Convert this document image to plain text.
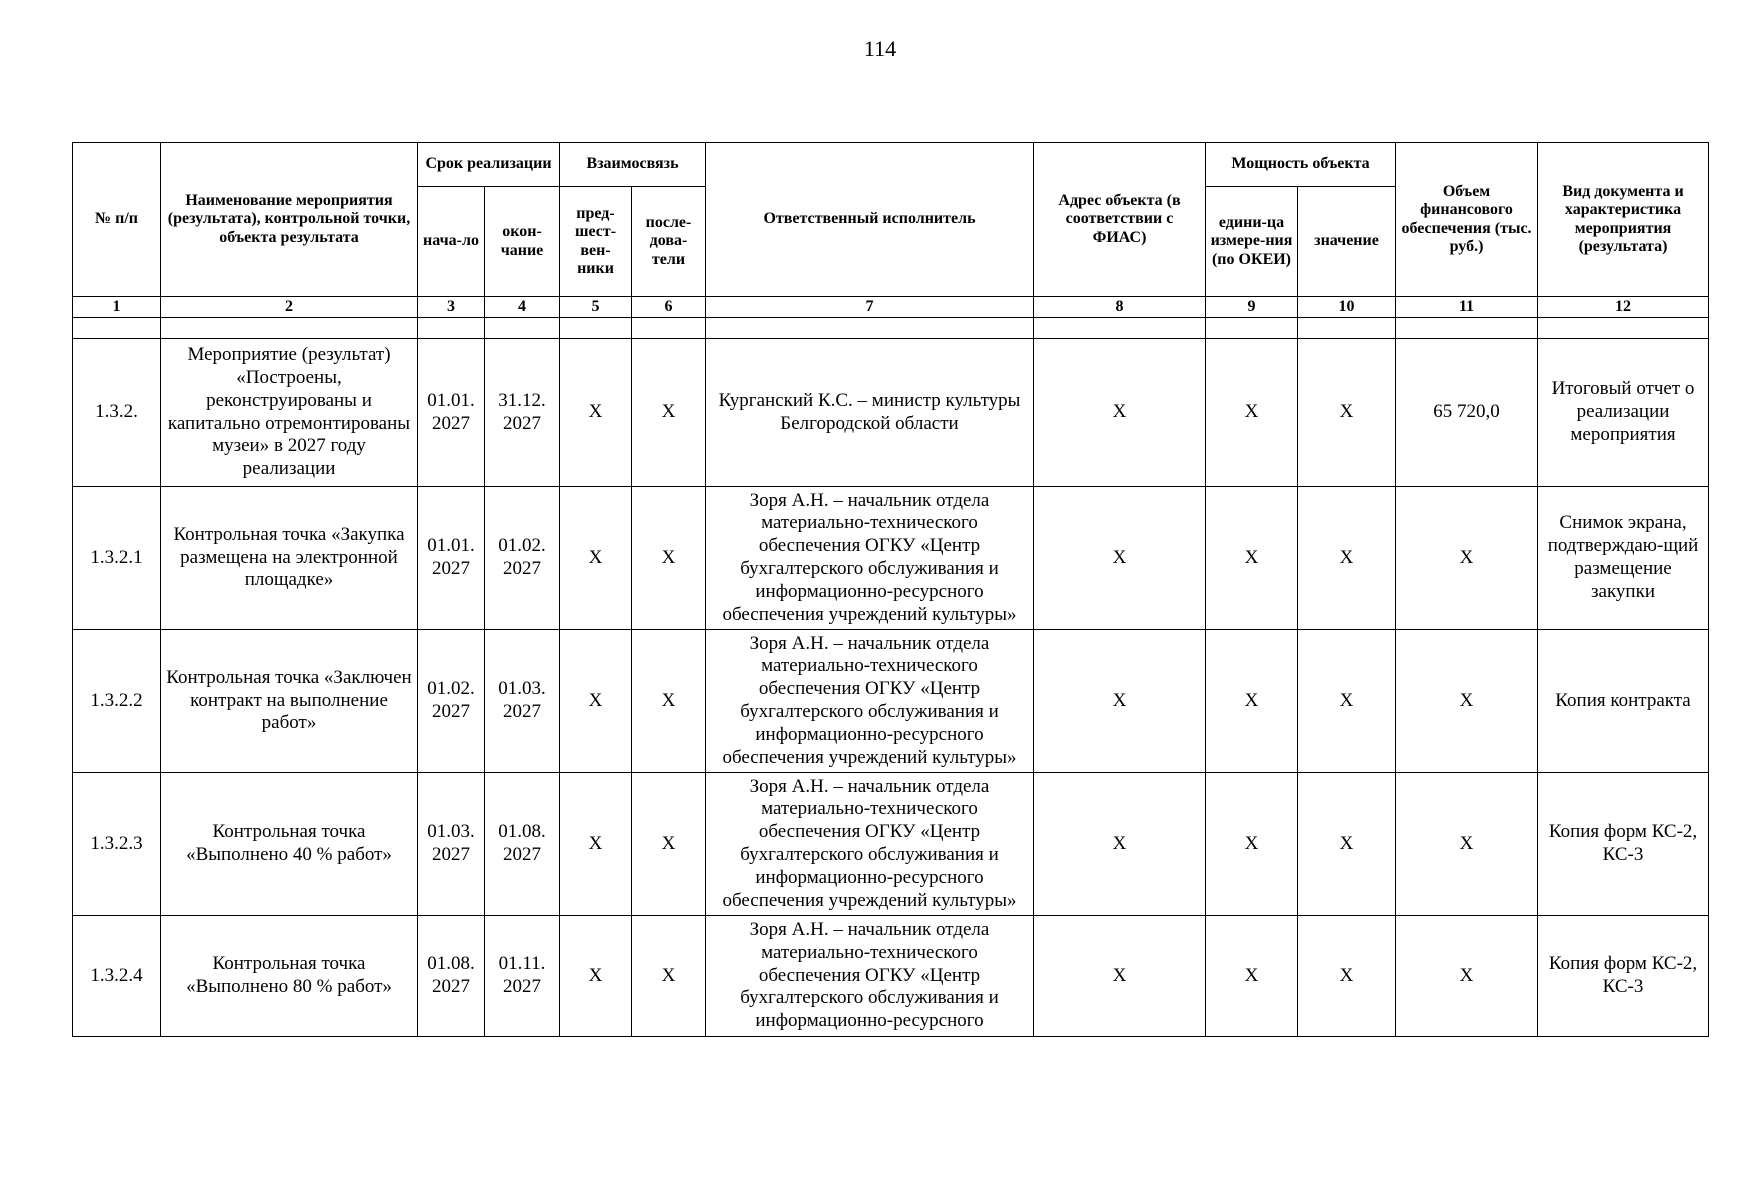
114
№ п/п	Наименование мероприятия (результата), контрольной точки, объекта результата	Срок реализации		Взаимосвязь		Ответственный исполнитель	Адрес объекта (в соответствии с ФИАС)	Мощность объекта		Объем финансового обеспечения (тыс. руб.)	Вид документа и характеристика мероприятия (результата)
		нача-ло	окон-чание	пред-шест-вен-ники	после-дова-тели			едини-ца измере-ния (по ОКЕИ)	значение		
1	2	3	4	5	6	7	8	9	10	11	12

1.3.2.	Мероприятие (результат) «Построены, реконструированы и капитально отремонтированы музеи» в 2027 году реализации	01.01. 2027	31.12. 2027	X	X	Курганский К.С. – министр культуры Белгородской области	X	X	X	65 720,0	Итоговый отчет о реализации мероприятия
1.3.2.1	Контрольная точка «Закупка размещена на электронной площадке»	01.01. 2027	01.02. 2027	X	X	Зоря А.Н. – начальник отдела материально-технического обеспечения ОГКУ «Центр бухгалтерского обслуживания и информационно-ресурсного обеспечения учреждений культуры»	X	X	X	X	Снимок экрана, подтверждаю-щий размещение закупки
1.3.2.2	Контрольная точка «Заключен контракт на выполнение работ»	01.02. 2027	01.03. 2027	X	X	Зоря А.Н. – начальник отдела материально-технического обеспечения ОГКУ «Центр бухгалтерского обслуживания и информационно-ресурсного обеспечения учреждений культуры»	X	X	X	X	Копия контракта
1.3.2.3	Контрольная точка «Выполнено 40 % работ»	01.03. 2027	01.08. 2027	X	X	Зоря А.Н. – начальник отдела материально-технического обеспечения ОГКУ «Центр бухгалтерского обслуживания и информационно-ресурсного обеспечения учреждений культуры»	X	X	X	X	Копия форм КС-2, КС-3
1.3.2.4	Контрольная точка «Выполнено 80 % работ»	01.08. 2027	01.11. 2027	X	X	Зоря А.Н. – начальник отдела материально-технического обеспечения ОГКУ «Центр бухгалтерского обслуживания и информационно-ресурсного	X	X	X	X	Копия форм КС-2, КС-3
